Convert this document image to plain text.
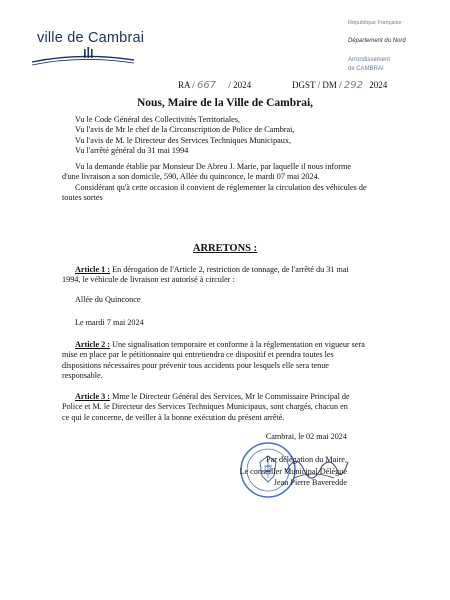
ville de Cambrai
République Française
Département du Nord
Arrondissement
de CAMBRAI
RA / 667 / 2024	DGST / DM / 292 2024
Nous, Maire de la Ville de Cambrai,
Vu le Code Général des Collectivités Territoriales,
Vu l'avis de Mr le chef de la Circonscription de Police de Cambrai,
Vu l'avis de M. le Directeur des Services Techniques Municipaux,
Vu l'arrêté général du 31 mai 1994
Vu la demande établie par Monsieur De Abreu J. Marie, par laquelle il nous informe
d'une livraison a son domicile, 590, Allée du quinconce, le mardi 07 mai 2024.
Considérant qu'à cette occasion il convient de réglementer la circulation des véhicules de
toutes sortes
ARRETONS :
Article 1 : En dérogation de l'Article 2, restriction de tonnage, de l'arrêté du 31 mai
1994, le véhicule de livraison est autorisé à circuler :
Allée du Quinconce
Le mardi 7 mai 2024
Article 2 : Une signalisation temporaire et conforme à la réglementation en vigueur sera
mise en place par le pétitionnaire qui entretiendra ce dispositif et prendra toutes les
dispositions nécessaires pour prévenir tous accidents pour lesquels elle sera tenue
responsable.
Article 3 : Mme le Directeur Général des Services, Mr le Commissaire Principal de
Police et M. le Directeur des Services Techniques Municipaux, sont chargés, chacun en
ce qui le concerne, de veiller à la bonne exécution du présent arrêté.
Cambrai, le 02 mai 2024
Par délégation du Maire,
Le conseiller Municipal Délégué
Jean Pierre Baveredde
